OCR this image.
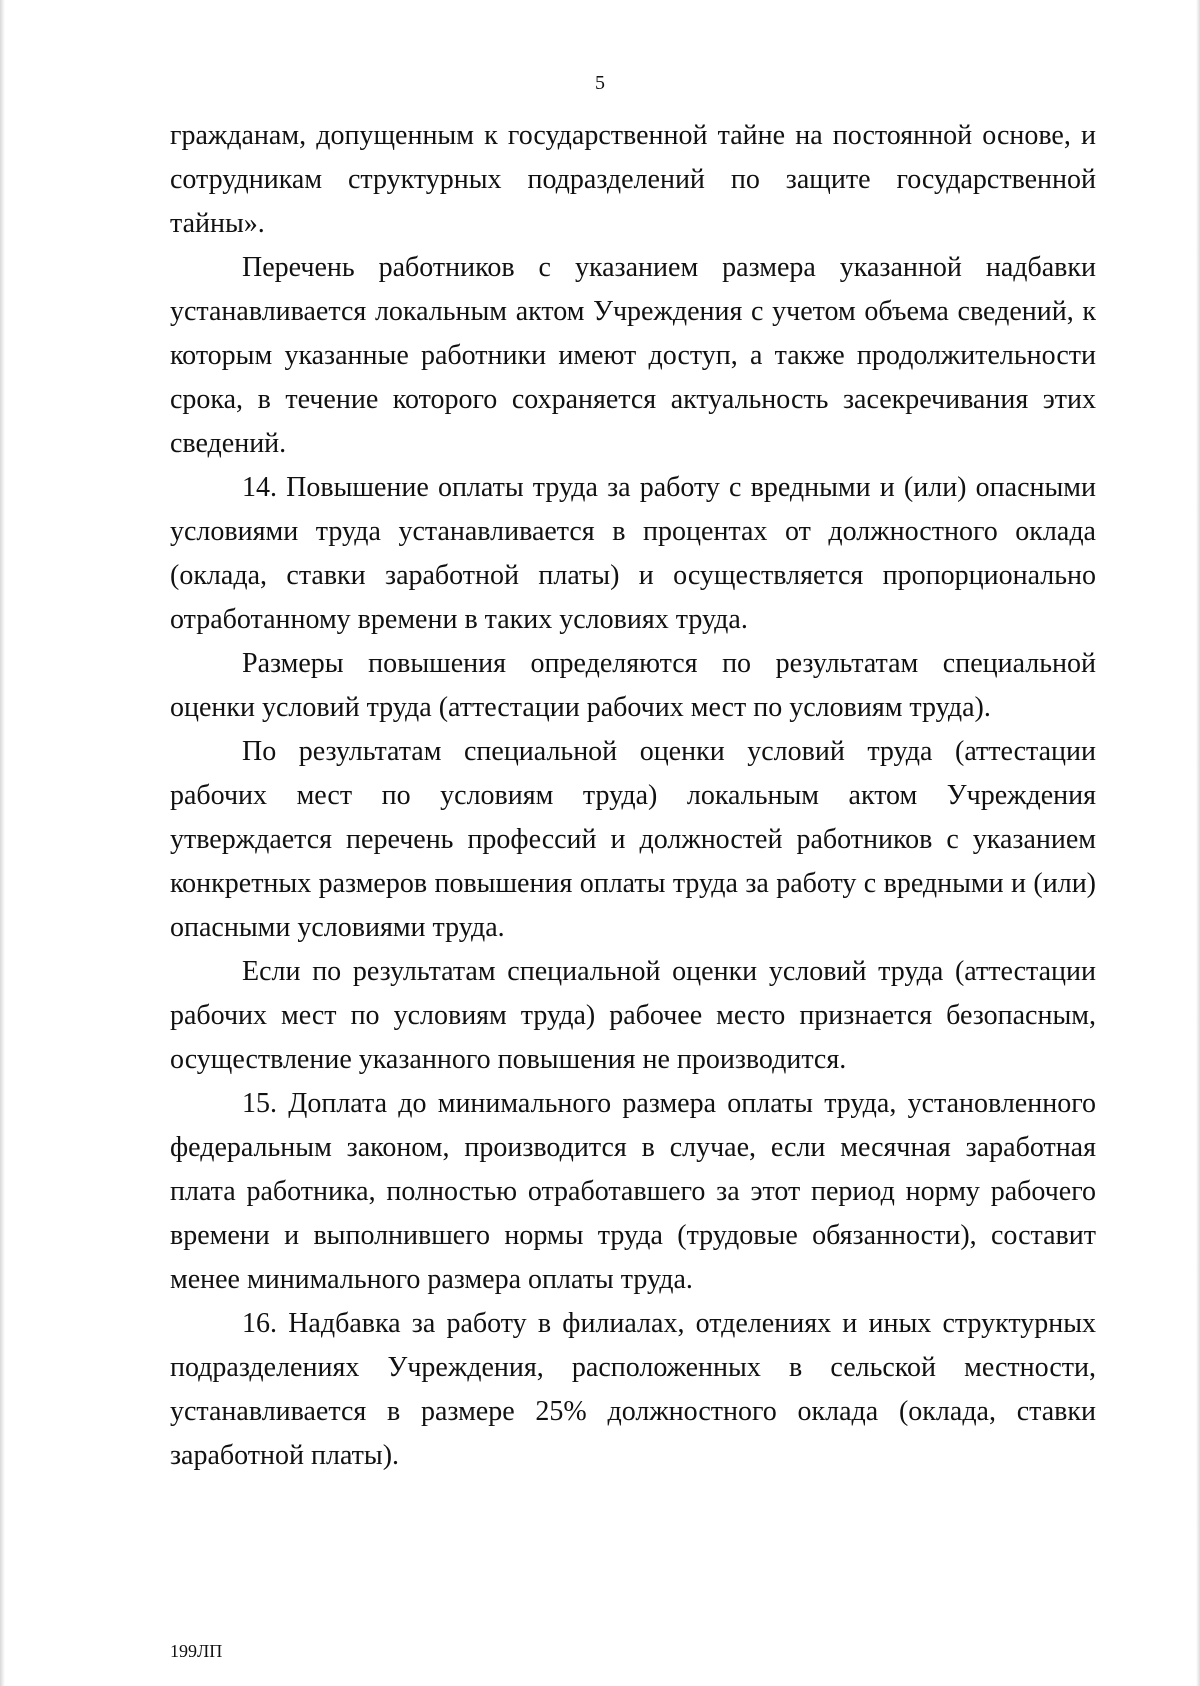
5

гражданам, допущенным к государственной тайне на постоянной основе, и сотрудникам структурных подразделений по защите государственной тайны».

Перечень работников с указанием размера указанной надбавки устанавливается локальным актом Учреждения с учетом объема сведений, к которым указанные работники имеют доступ, а также продолжительности срока, в течение которого сохраняется актуальность засекречивания этих сведений.

14. Повышение оплаты труда за работу с вредными и (или) опасными условиями труда устанавливается в процентах от должностного оклада (оклада, ставки заработной платы) и осуществляется пропорционально отработанному времени в таких условиях труда.

Размеры повышения определяются по результатам специальной оценки условий труда (аттестации рабочих мест по условиям труда).

По результатам специальной оценки условий труда (аттестации рабочих мест по условиям труда) локальным актом Учреждения утверждается перечень профессий и должностей работников с указанием конкретных размеров повышения оплаты труда за работу с вредными и (или) опасными условиями труда.

Если по результатам специальной оценки условий труда (аттестации рабочих мест по условиям труда) рабочее место признается безопасным, осуществление указанного повышения не производится.

15. Доплата до минимального размера оплаты труда, установленного федеральным законом, производится в случае, если месячная заработная плата работника, полностью отработавшего за этот период норму рабочего времени и выполнившего нормы труда (трудовые обязанности), составит менее минимального размера оплаты труда.

16. Надбавка за работу в филиалах, отделениях и иных структурных подразделениях Учреждения, расположенных в сельской местности, устанавливается в размере 25% должностного оклада (оклада, ставки заработной платы).

199ЛП
